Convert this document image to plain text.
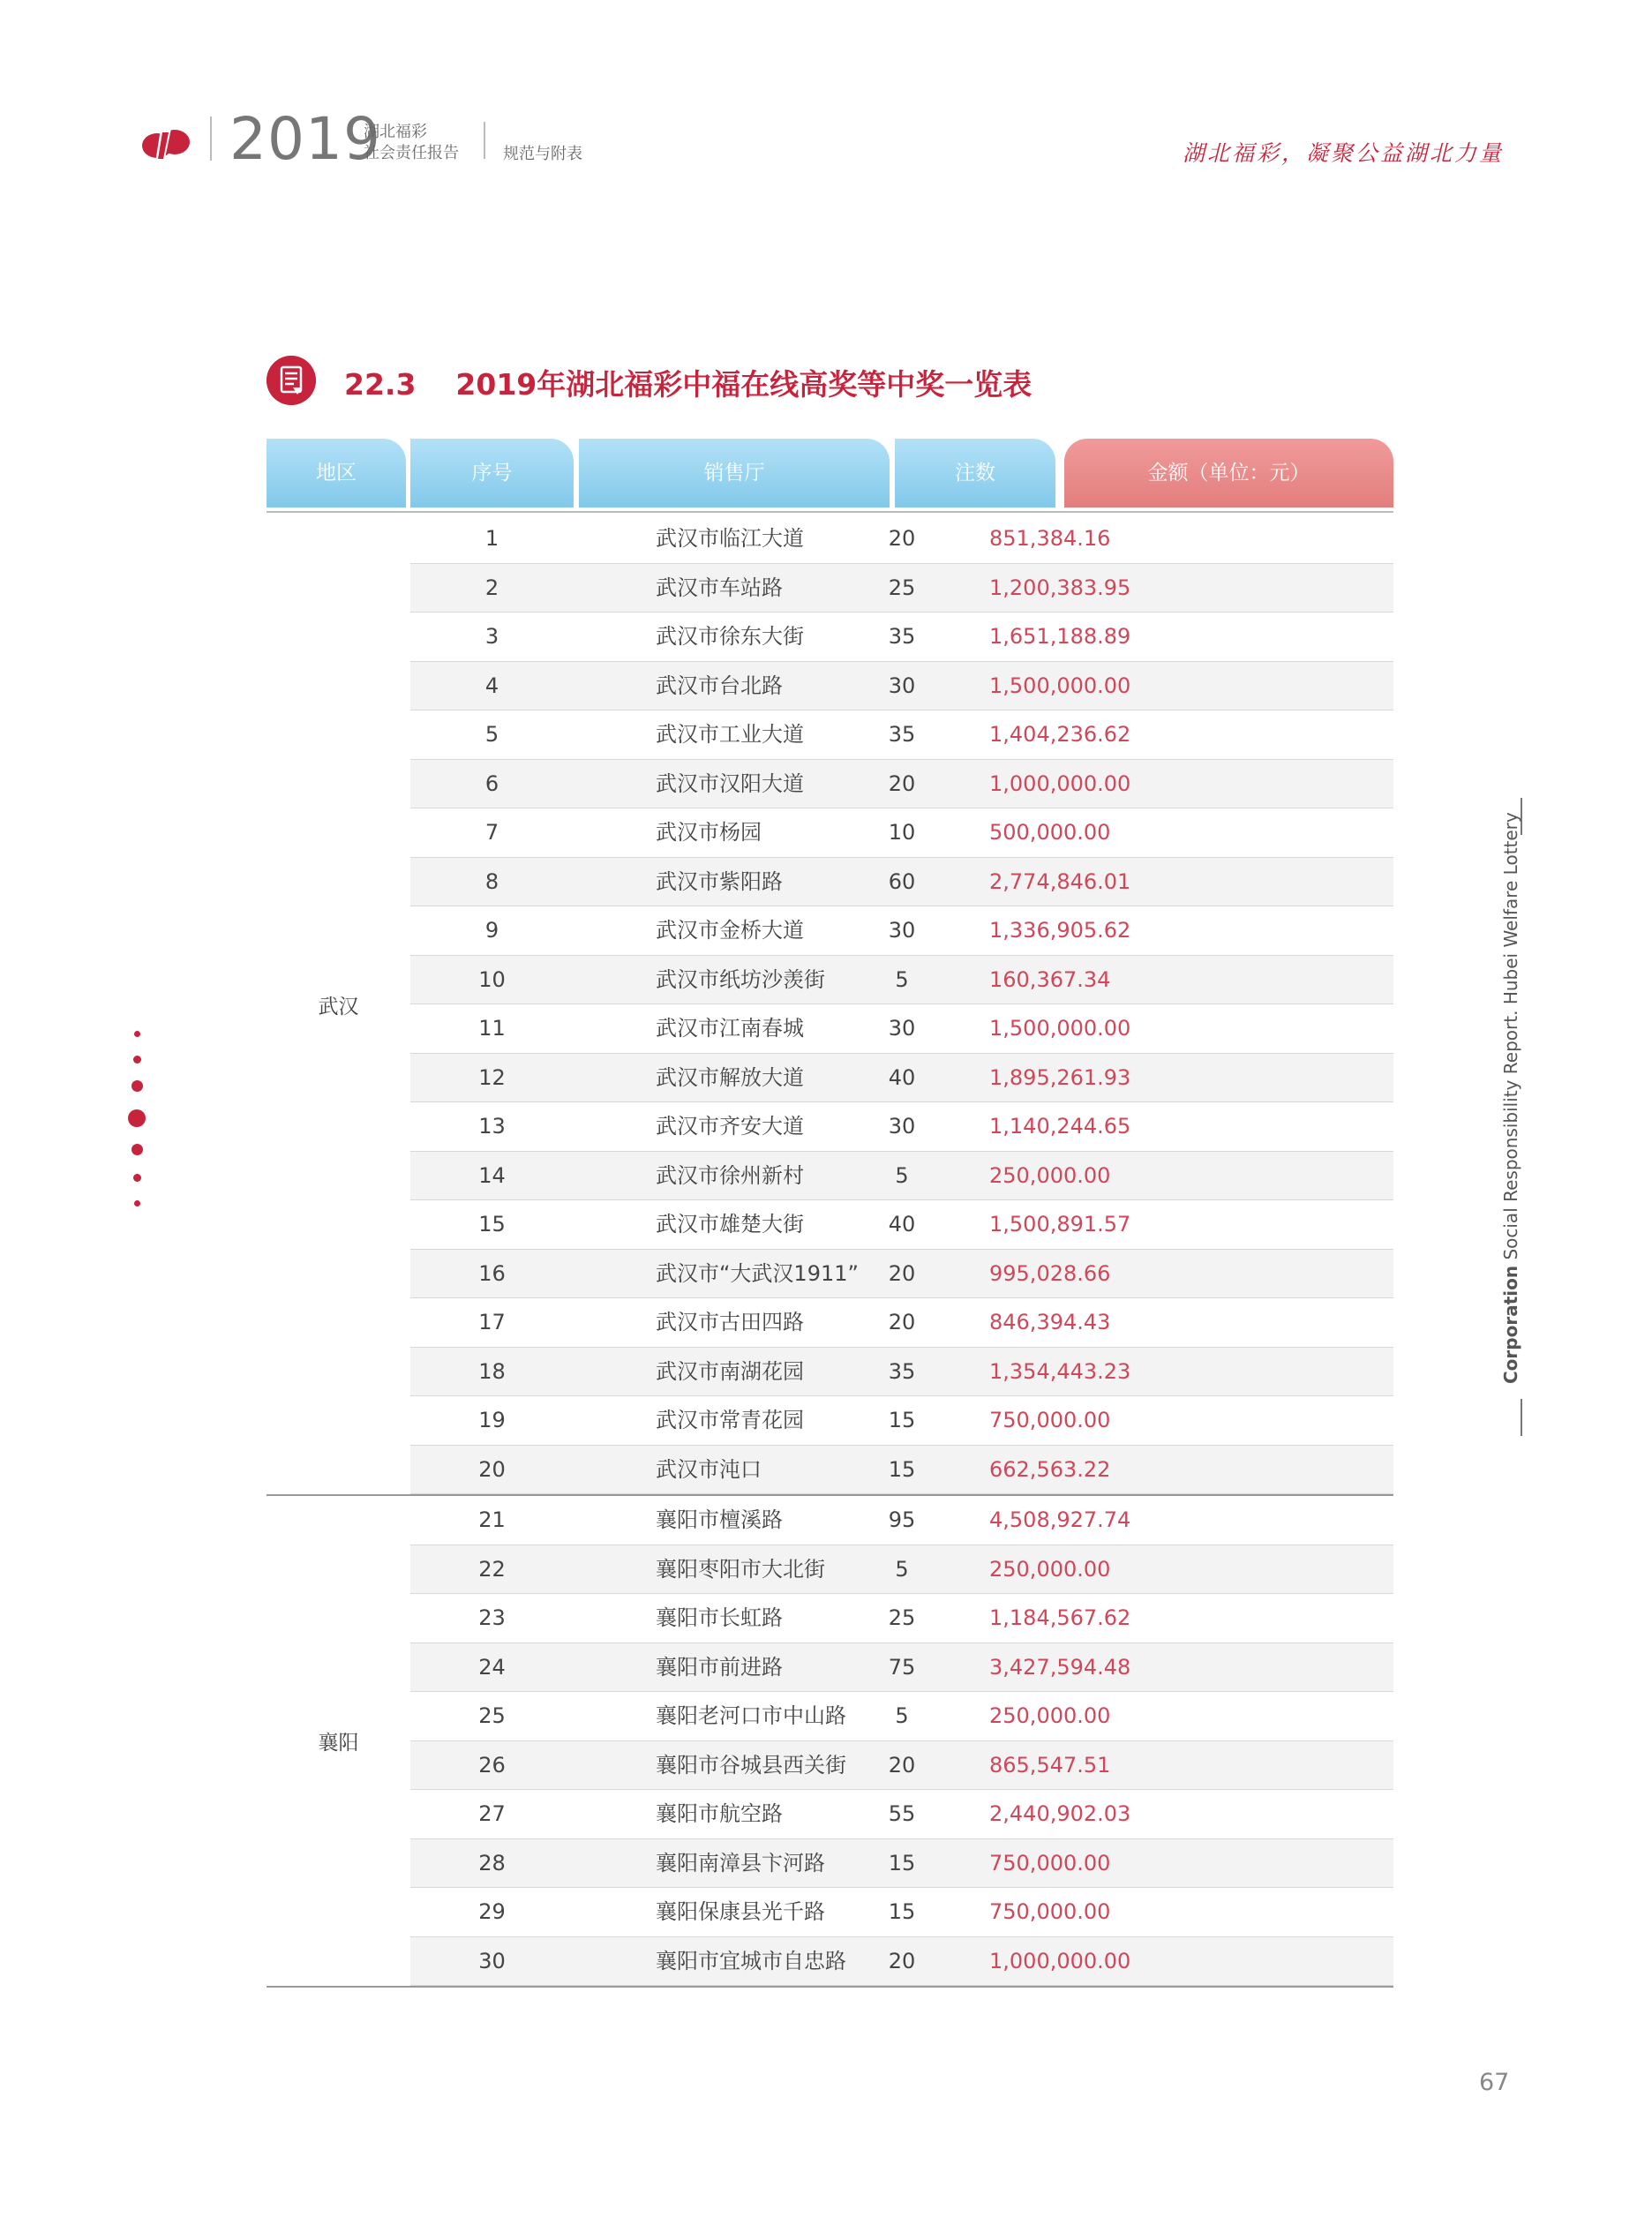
2019
湖北福彩
社会责任报告	规范与附表	湖北福彩，凝聚公益湖北力量
22.3 2019年湖北福彩中福在线高奖等中奖一览表
地区	序号	销售厅	注数	金额（单位：元）
武汉
1	武汉市临江大道	20	851,384.16
2	武汉市车站路	25	1,200,383.95
3	武汉市徐东大街	35	1,651,188.89
4	武汉市台北路	30	1,500,000.00
5	武汉市工业大道	35	1,404,236.62
6	武汉市汉阳大道	20	1,000,000.00
7	武汉市杨园	10	500,000.00
8	武汉市紫阳路	60	2,774,846.01
9	武汉市金桥大道	30	1,336,905.62
10	武汉市纸坊沙羡街	5	160,367.34
11	武汉市江南春城	30	1,500,000.00
12	武汉市解放大道	40	1,895,261.93
13	武汉市齐安大道	30	1,140,244.65
14	武汉市徐州新村	5	250,000.00
15	武汉市雄楚大街	40	1,500,891.57
16	武汉市“大武汉1911”	20	995,028.66
17	武汉市古田四路	20	846,394.43
18	武汉市南湖花园	35	1,354,443.23
19	武汉市常青花园	15	750,000.00
20	武汉市沌口	15	662,563.22
襄阳
21	襄阳市檀溪路	95	4,508,927.74
22	襄阳枣阳市大北街	5	250,000.00
23	襄阳市长虹路	25	1,184,567.62
24	襄阳市前进路	75	3,427,594.48
25	襄阳老河口市中山路	5	250,000.00
26	襄阳市谷城县西关街	20	865,547.51
27	襄阳市航空路	55	2,440,902.03
28	襄阳南漳县卞河路	15	750,000.00
29	襄阳保康县光千路	15	750,000.00
30	襄阳市宜城市自忠路	20	1,000,000.00
Corporation Social Responsibility Report. Hubei Welfare Lottery
67
